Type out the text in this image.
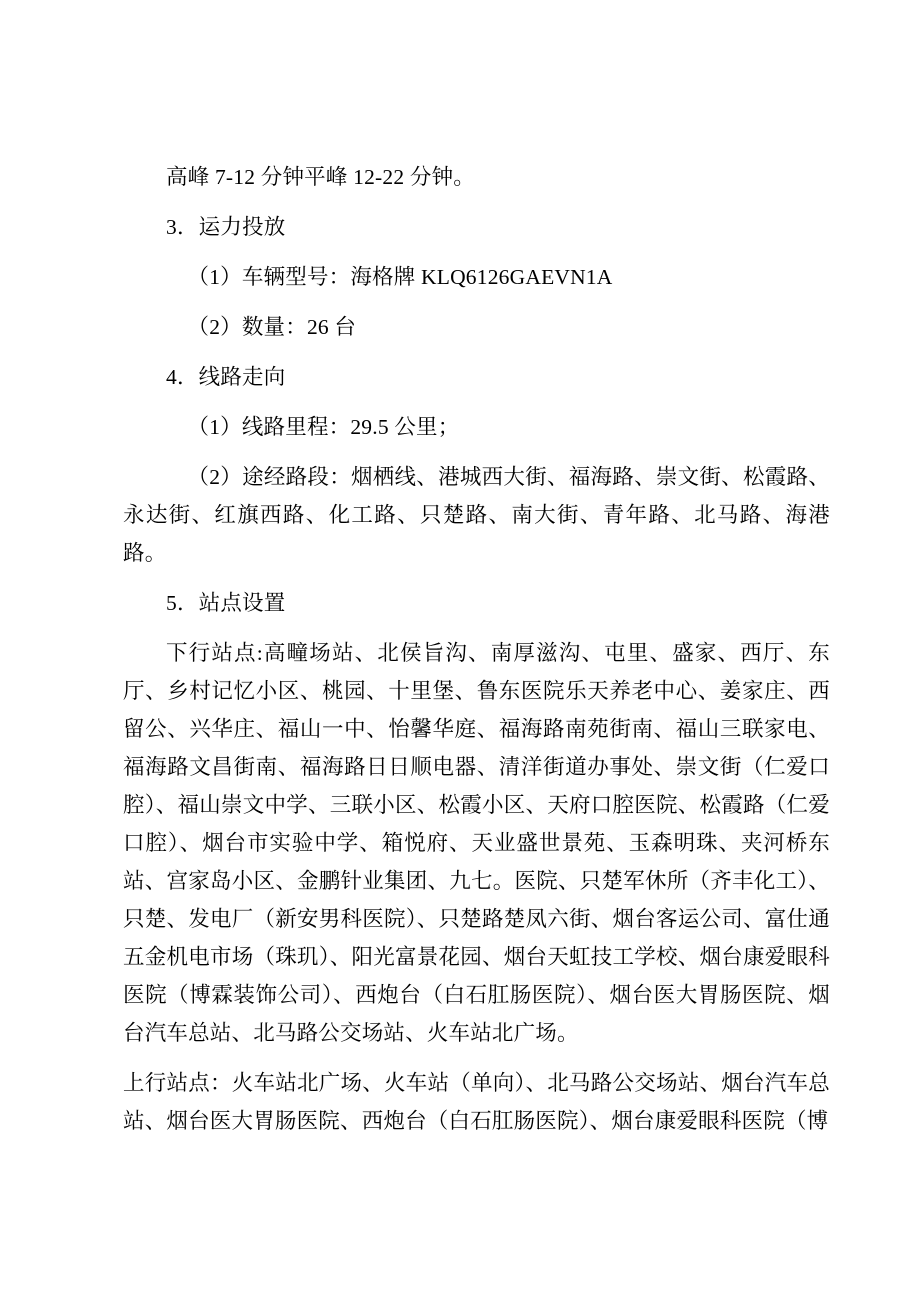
高峰 7-12 分钟平峰 12-22 分钟。

3．运力投放

（1）车辆型号：海格牌 KLQ6126GAEVN1A

（2）数量：26 台

4．线路走向

（1）线路里程：29.5 公里；

（2）途经路段：烟栖线、港城西大街、福海路、崇文街、松霞路、永达街、红旗西路、化工路、只楚路、南大街、青年路、北马路、海港路。

5．站点设置

下行站点:高疃场站、北侯旨沟、南厚滋沟、屯里、盛家、西厅、东厅、乡村记忆小区、桃园、十里堡、鲁东医院乐天养老中心、姜家庄、西留公、兴华庄、福山一中、怡馨华庭、福海路南苑街南、福山三联家电、福海路文昌街南、福海路日日顺电器、清洋街道办事处、崇文街（仁爱口腔）、福山崇文中学、三联小区、松霞小区、天府口腔医院、松霞路（仁爱口腔）、烟台市实验中学、箱悦府、天业盛世景苑、玉森明珠、夹河桥东站、宫家岛小区、金鹏针业集团、九七。医院、只楚军休所（齐丰化工）、只楚、发电厂（新安男科医院）、只楚路楚凤六街、烟台客运公司、富仕通五金机电市场（珠玑）、阳光富景花园、烟台天虹技工学校、烟台康爱眼科医院（博霖装饰公司）、西炮台（白石肛肠医院）、烟台医大胃肠医院、烟台汽车总站、北马路公交场站、火车站北广场。

上行站点：火车站北广场、火车站（单向）、北马路公交场站、烟台汽车总站、烟台医大胃肠医院、西炮台（白石肛肠医院）、烟台康爱眼科医院（博
